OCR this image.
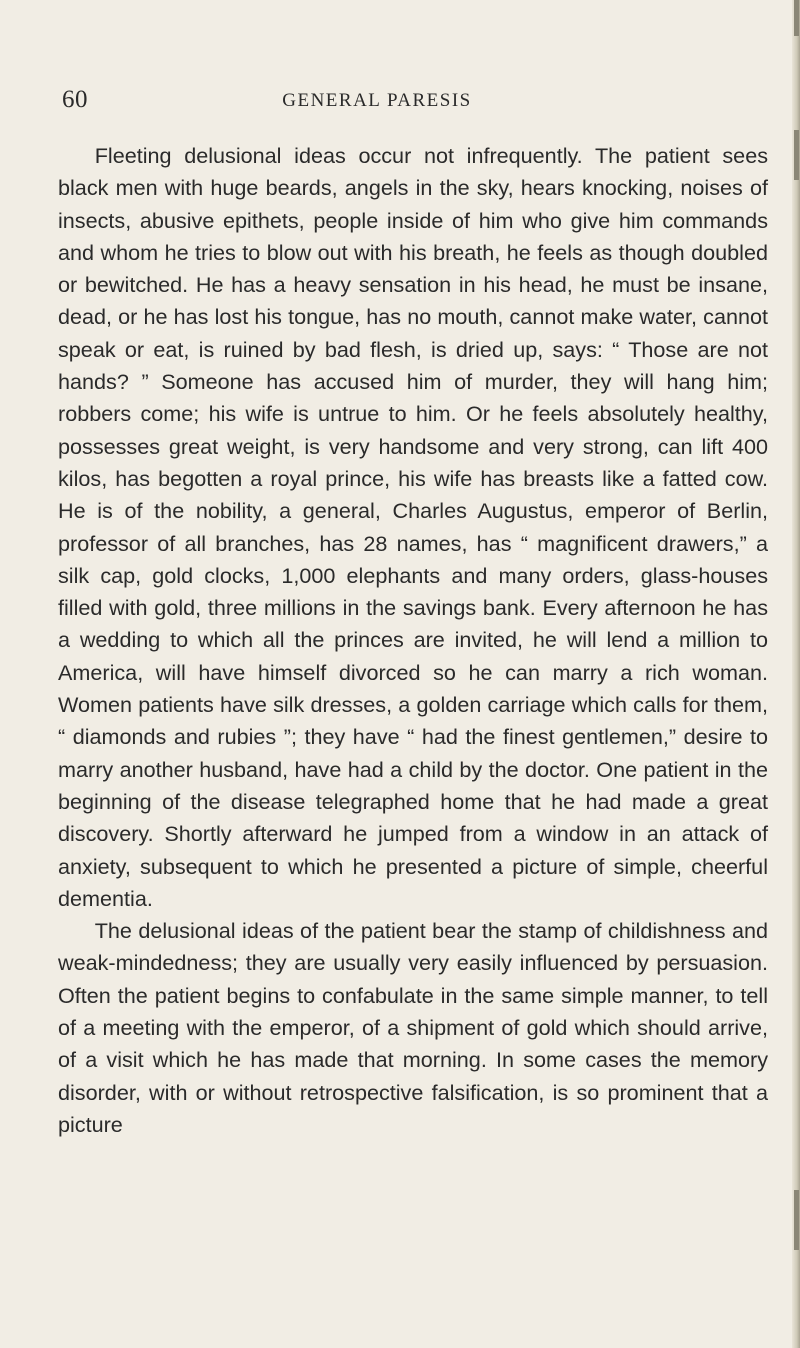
60	GENERAL PARESIS

Fleeting delusional ideas occur not infrequently. The patient sees black men with huge beards, angels in the sky, hears knocking, noises of insects, abusive epithets, people inside of him who give him commands and whom he tries to blow out with his breath, he feels as though doubled or bewitched. He has a heavy sensation in his head, he must be insane, dead, or he has lost his tongue, has no mouth, cannot make water, cannot speak or eat, is ruined by bad flesh, is dried up, says: “ Those are not hands? ” Someone has accused him of murder, they will hang him; robbers come; his wife is untrue to him. Or he feels absolutely healthy, possesses great weight, is very handsome and very strong, can lift 400 kilos, has begotten a royal prince, his wife has breasts like a fatted cow. He is of the nobility, a general, Charles Augustus, emperor of Berlin, professor of all branches, has 28 names, has “ magnificent drawers,” a silk cap, gold clocks, 1,000 elephants and many orders, glass-houses filled with gold, three millions in the savings bank. Every afternoon he has a wedding to which all the princes are invited, he will lend a million to America, will have himself divorced so he can marry a rich woman. Women patients have silk dresses, a golden carriage which calls for them, “ diamonds and rubies ”; they have “ had the finest gentlemen,” desire to marry another husband, have had a child by the doctor. One patient in the beginning of the disease telegraphed home that he had made a great discovery. Shortly afterward he jumped from a window in an attack of anxiety, subsequent to which he presented a picture of simple, cheerful dementia.

The delusional ideas of the patient bear the stamp of childishness and weak-mindedness; they are usually very easily influenced by persuasion. Often the patient begins to confabulate in the same simple manner, to tell of a meeting with the emperor, of a shipment of gold which should arrive, of a visit which he has made that morning. In some cases the memory disorder, with or without retrospective falsification, is so prominent that a picture
